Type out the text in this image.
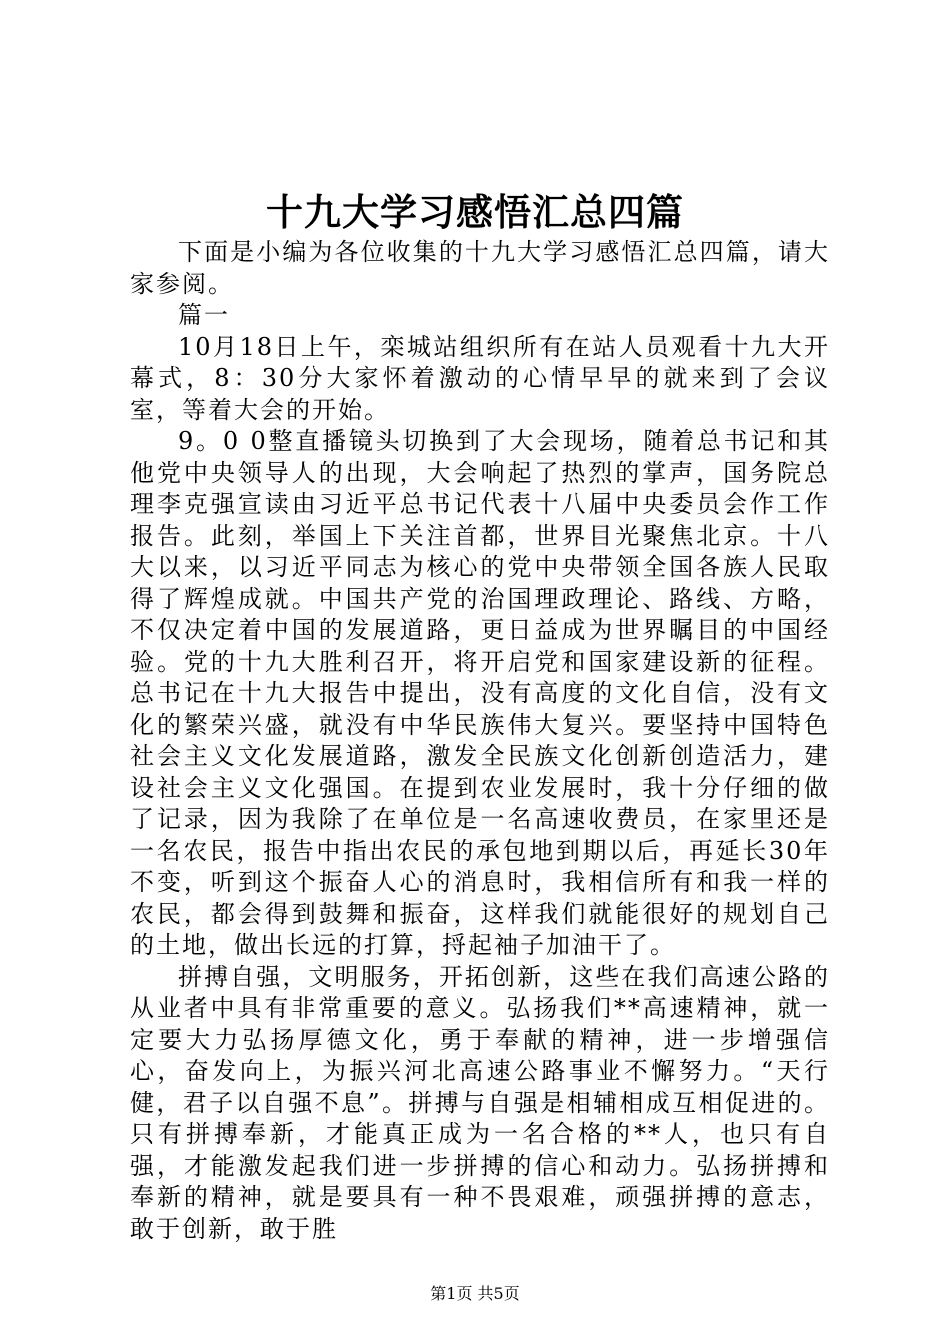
十九大学习感悟汇总四篇

下面是小编为各位收集的十九大学习感悟汇总四篇，请大家参阅。

篇一

10月18日上午，栾城站组织所有在站人员观看十九大开幕式，8：30分大家怀着激动的心情早早的就来到了会议室，等着大会的开始。

9。0 0整直播镜头切换到了大会现场，随着总书记和其他党中央领导人的出现，大会响起了热烈的掌声，国务院总理李克强宣读由习近平总书记代表十八届中央委员会作工作报告。此刻，举国上下关注首都，世界目光聚焦北京。十八大以来，以习近平同志为核心的党中央带领全国各族人民取得了辉煌成就。中国共产党的治国理政理论、路线、方略，不仅决定着中国的发展道路，更日益成为世界瞩目的中国经验。党的十九大胜利召开，将开启党和国家建设新的征程。总书记在十九大报告中提出，没有高度的文化自信，没有文化的繁荣兴盛，就没有中华民族伟大复兴。要坚持中国特色社会主义文化发展道路，激发全民族文化创新创造活力，建设社会主义文化强国。在提到农业发展时，我十分仔细的做了记录，因为我除了在单位是一名高速收费员，在家里还是一名农民，报告中指出农民的承包地到期以后，再延长30年不变，听到这个振奋人心的消息时，我相信所有和我一样的农民，都会得到鼓舞和振奋，这样我们就能很好的规划自己的土地，做出长远的打算，捋起袖子加油干了。

拼搏自强，文明服务，开拓创新，这些在我们高速公路的从业者中具有非常重要的意义。弘扬我们**高速精神，就一定要大力弘扬厚德文化，勇于奉献的精神，进一步增强信心，奋发向上，为振兴河北高速公路事业不懈努力。“天行健，君子以自强不息”。拼搏与自强是相辅相成互相促进的。只有拼搏奉新，才能真正成为一名合格的**人，也只有自强，才能激发起我们进一步拼搏的信心和动力。弘扬拼搏和奉新的精神，就是要具有一种不畏艰难，顽强拼搏的意志，敢于创新，敢于胜

第1页 共5页
